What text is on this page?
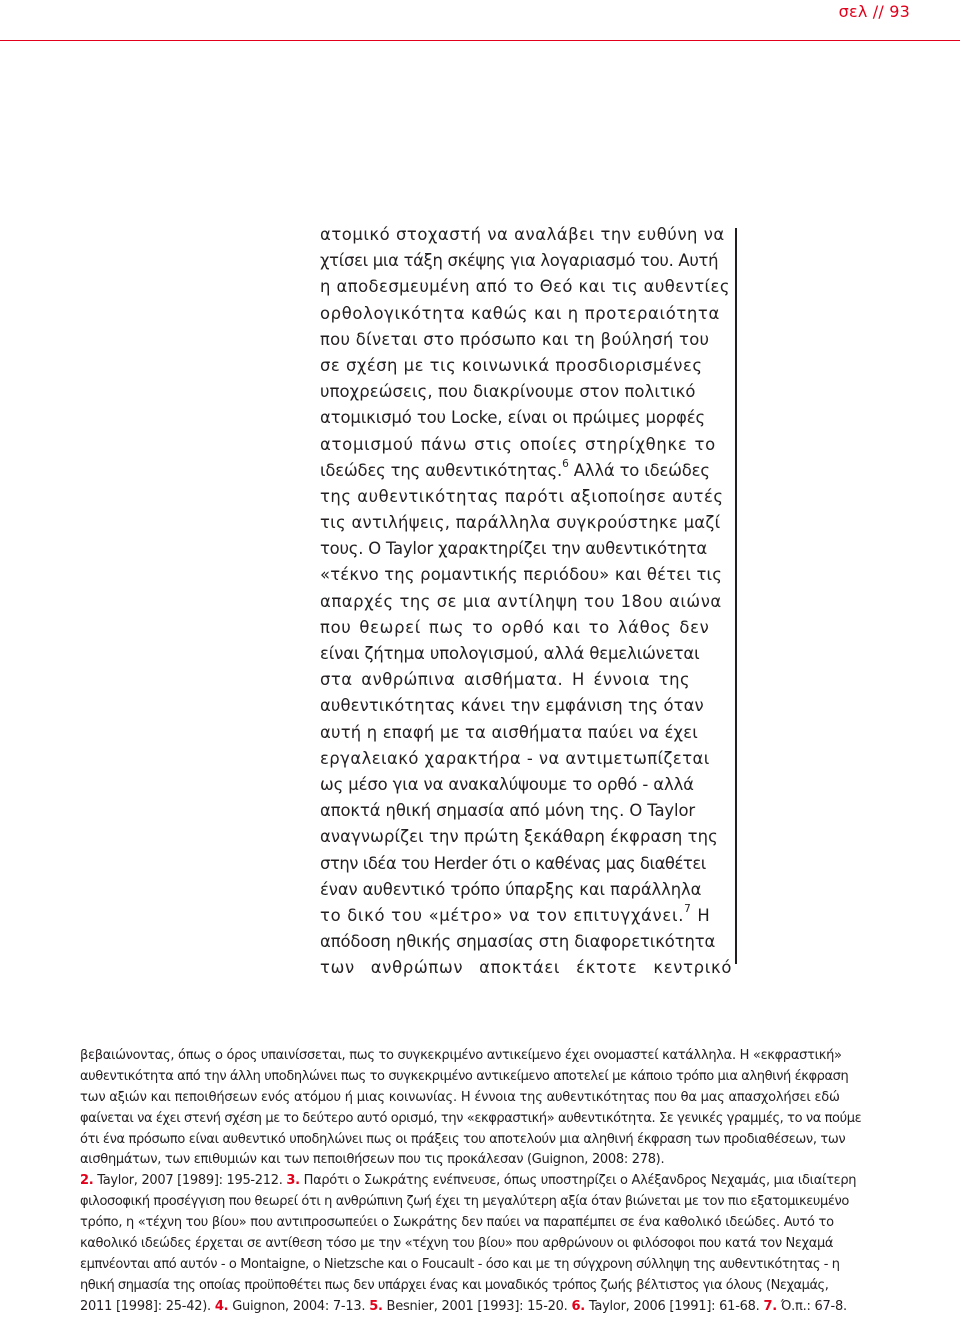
σελ // 93
ατομικό στοχαστή να αναλάβει την ευθύνη να
χτίσει μια τάξη σκέψης για λογαριασμό του. Αυτή
η αποδεσμευμένη από το Θεό και τις αυθεντίες
ορθολογικότητα καθώς και η προτεραιότητα
που δίνεται στο πρόσωπο και τη βούλησή του
σε σχέση με τις κοινωνικά προσδιορισμένες
υποχρεώσεις, που διακρίνουμε στον πολιτικό
ατομικισμό του Locke, είναι οι πρώιμες μορφές
ατομισμού πάνω στις οποίες στηρίχθηκε το
ιδεώδες της αυθεντικότητας.$^6$ Αλλά το ιδεώδες
της αυθεντικότητας παρότι αξιοποίησε αυτές
τις αντιλήψεις, παράλληλα συγκρούστηκε μαζί
τους. Ο Taylor χαρακτηρίζει την αυθεντικότητα
«τέκνο της ρομαντικής περιόδου» και θέτει τις
απαρχές της σε μια αντίληψη του 18ου αιώνα
που θεωρεί πως το ορθό και το λάθος δεν
είναι ζήτημα υπολογισμού, αλλά θεμελιώνεται
στα ανθρώπινα αισθήματα. Η έννοια της
αυθεντικότητας κάνει την εμφάνιση της όταν
αυτή η επαφή με τα αισθήματα παύει να έχει
εργαλειακό χαρακτήρα - να αντιμετωπίζεται
ως μέσο για να ανακαλύψουμε το ορθό - αλλά
αποκτά ηθική σημασία από μόνη της. Ο Taylor
αναγνωρίζει την πρώτη ξεκάθαρη έκφραση της
στην ιδέα του Herder ότι ο καθένας μας διαθέτει
έναν αυθεντικό τρόπο ύπαρξης και παράλληλα
το δικό του «μέτρο» να τον επιτυγχάνει.$^7$ Η
απόδοση ηθικής σημασίας στη διαφορετικότητα
των ανθρώπων αποκτάει έκτοτε κεντρικό
βεβαιώνοντας, όπως ο όρος υπαινίσσεται, πως το συγκεκριμένο αντικείμενο έχει ονομαστεί κατάλληλα. Η «εκφραστική»
αυθεντικότητα από την άλλη υποδηλώνει πως το συγκεκριμένο αντικείμενο αποτελεί με κάποιο τρόπο μια αληθινή έκφραση
των αξιών και πεποιθήσεων ενός ατόμου ή μιας κοινωνίας. Η έννοια της αυθεντικότητας που θα μας απασχολήσει εδώ
φαίνεται να έχει στενή σχέση με το δεύτερο αυτό ορισμό, την «εκφραστική» αυθεντικότητα. Σε γενικές γραμμές, το να πούμε
ότι ένα πρόσωπο είναι αυθεντικό υποδηλώνει πως οι πράξεις του αποτελούν μια αληθινή έκφραση των προδιαθέσεων, των
αισθημάτων, των επιθυμιών και των πεποιθήσεων που τις προκάλεσαν (Guignon, 2008: 278).
2. Taylor, 2007 [1989]: 195-212. 3. Παρότι ο Σωκράτης ενέπνευσε, όπως υποστηρίζει ο Αλέξανδρος Νεχαμάς, μια ιδιαίτερη
φιλοσοφική προσέγγιση που θεωρεί ότι η ανθρώπινη ζωή έχει τη μεγαλύτερη αξία όταν βιώνεται με τον πιο εξατομικευμένο
τρόπο, η «τέχνη του βίου» που αντιπροσωπεύει ο Σωκράτης δεν παύει να παραπέμπει σε ένα καθολικό ιδεώδες. Αυτό το
καθολικό ιδεώδες έρχεται σε αντίθεση τόσο με την «τέχνη του βίου» που αρθρώνουν οι φιλόσοφοι που κατά τον Νεχαμά
εμπνέονται από αυτόν - ο Montaigne, ο Nietzsche και ο Foucault - όσο και με τη σύγχρονη σύλληψη της αυθεντικότητας - η
ηθική σημασία της οποίας προϋποθέτει πως δεν υπάρχει ένας και μοναδικός τρόπος ζωής βέλτιστος για όλους (Νεχαμάς,
2011 [1998]: 25-42). 4. Guignon, 2004: 7-13. 5. Besnier, 2001 [1993]: 15-20. 6. Taylor, 2006 [1991]: 61-68. 7. Ό.π.: 67-8.
